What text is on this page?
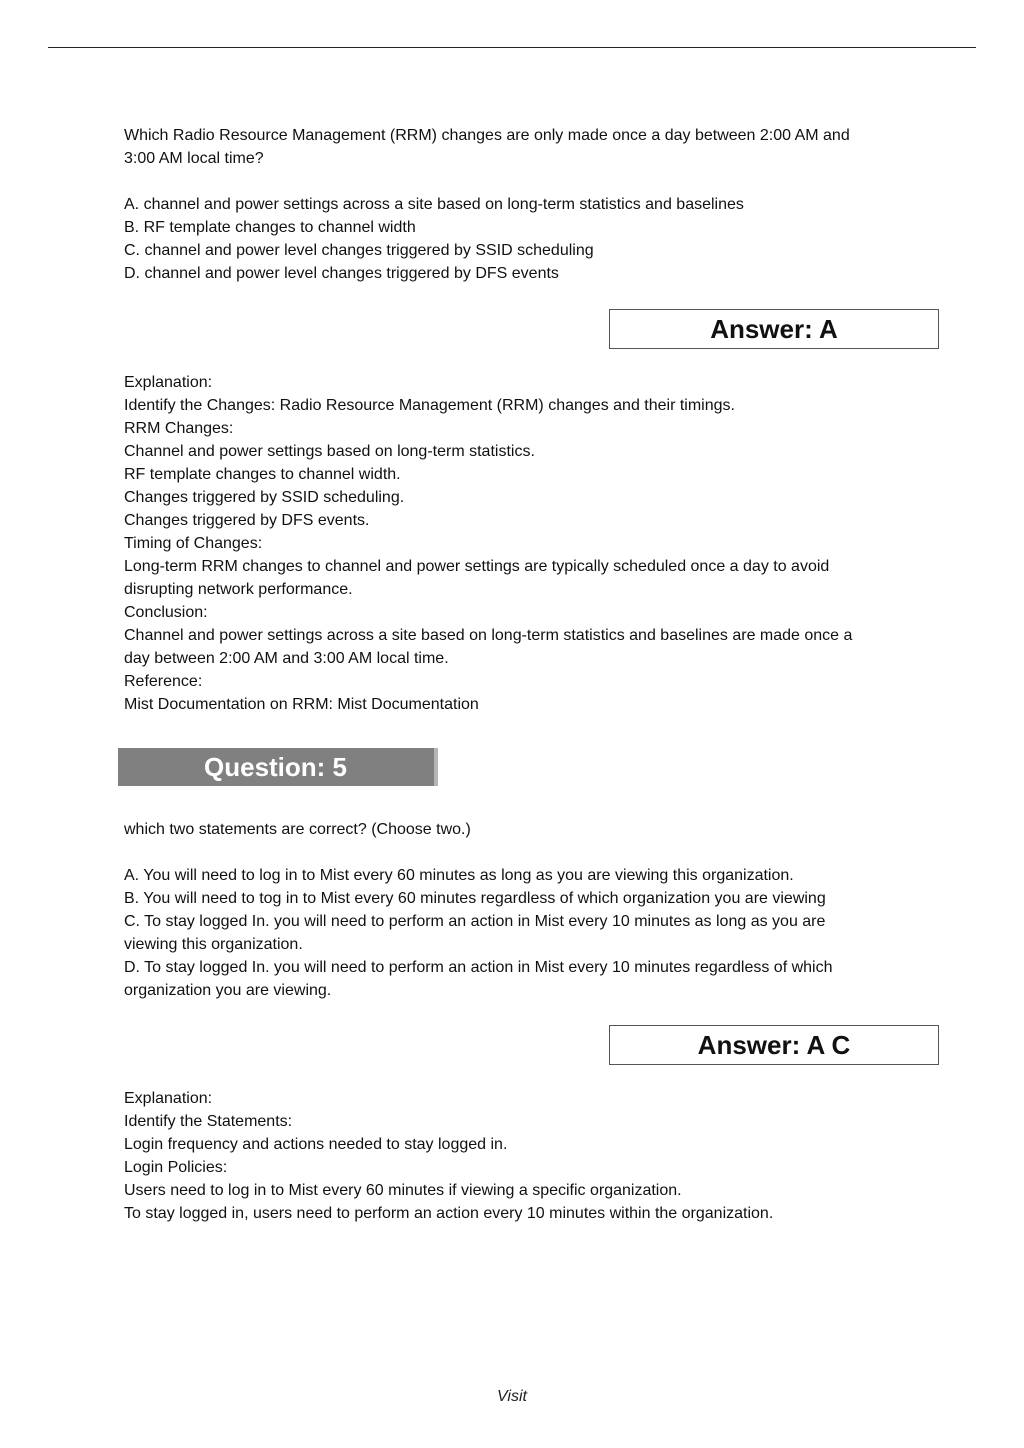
Which Radio Resource Management (RRM) changes are only made once a day between 2:00 AM and
3:00 AM local time?
A. channel and power settings across a site based on long-term statistics and baselines
B. RF template changes to channel width
C. channel and power level changes triggered by SSID scheduling
D. channel and power level changes triggered by DFS events
Answer: A
Explanation:
Identify the Changes: Radio Resource Management (RRM) changes and their timings.
RRM Changes:
Channel and power settings based on long-term statistics.
RF template changes to channel width.
Changes triggered by SSID scheduling.
Changes triggered by DFS events.
Timing of Changes:
Long-term RRM changes to channel and power settings are typically scheduled once a day to avoid
disrupting network performance.
Conclusion:
Channel and power settings across a site based on long-term statistics and baselines are made once a
day between 2:00 AM and 3:00 AM local time.
Reference:
Mist Documentation on RRM: Mist Documentation
Question: 5
which two statements are correct? (Choose two.)
A. You will need to log in to Mist every 60 minutes as long as you are viewing this organization.
B. You will need to tog in to Mist every 60 minutes regardless of which organization you are viewing
C. To stay logged In. you will need to perform an action in Mist every 10 minutes as long as you are
viewing this organization.
D. To stay logged In. you will need to perform an action in Mist every 10 minutes regardless of which
organization you are viewing.
Answer: A C
Explanation:
Identify the Statements:
Login frequency and actions needed to stay logged in.
Login Policies:
Users need to log in to Mist every 60 minutes if viewing a specific organization.
To stay logged in, users need to perform an action every 10 minutes within the organization.
Visit
